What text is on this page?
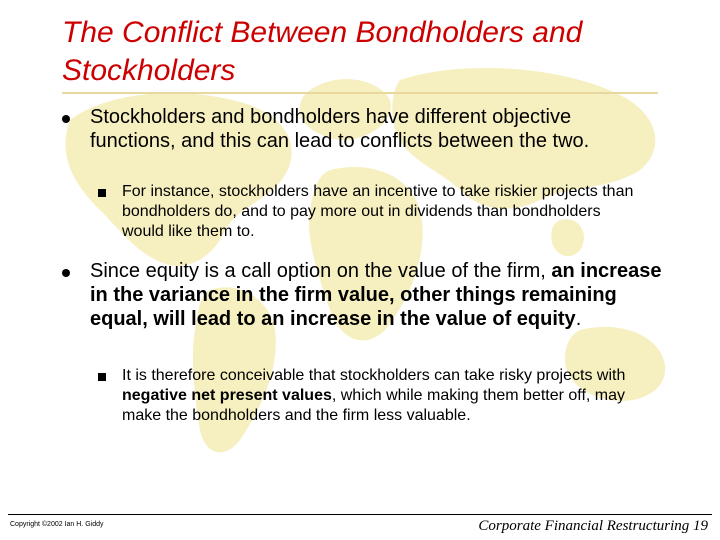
The Conflict Between Bondholders and Stockholders
Stockholders and bondholders have different objective functions, and this can lead to conflicts between the two.
For instance, stockholders have an incentive to take riskier projects than bondholders do, and to pay more out in dividends than bondholders would like them to.
Since equity is a call option on the value of the firm, an increase in the variance in the firm value, other things remaining equal, will lead to an increase in the value of equity.
It is therefore conceivable that stockholders can take risky projects with negative net present values, which while making them better off, may make the bondholders and the firm less valuable.
Copyright ©2002 Ian H. Giddy	Corporate Financial Restructuring 19
